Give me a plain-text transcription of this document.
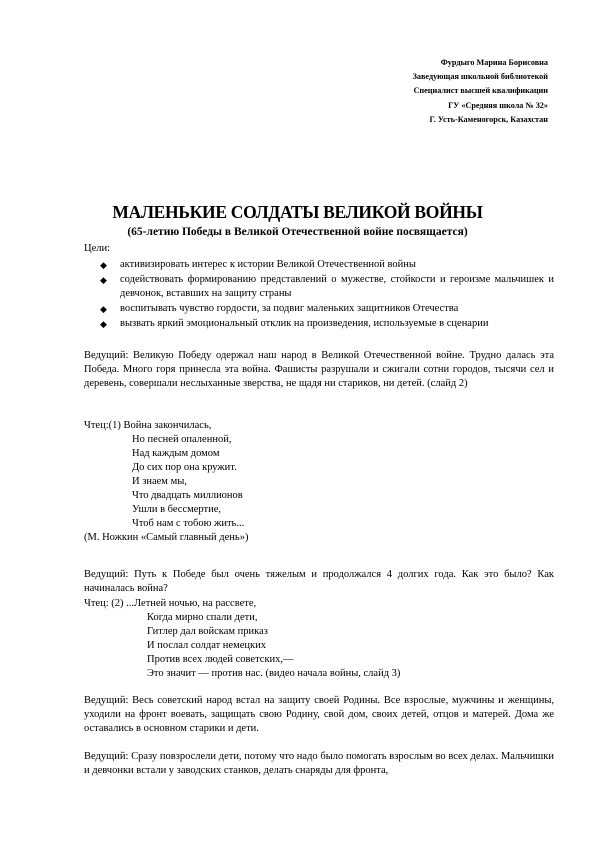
Фурдыго Марина Борисовна
Заведующая школьной библиотекой
Специалист высшей квалификации
ГУ «Средняя школа № 32»
Г. Усть-Каменогорск, Казахстан
МАЛЕНЬКИЕ СОЛДАТЫ ВЕЛИКОЙ ВОЙНЫ
(65-летию Победы в Великой Отечественной войне посвящается)
Цели:
◆ активизировать интерес к истории Великой Отечественной войны
◆ содействовать формированию представлений о мужестве, стойкости и героизме мальчишек и девчонок, вставших на защиту страны
◆ воспитывать чувство гордости, за подвиг маленьких защитников Отечества
◆ вызвать яркий эмоциональный отклик на произведения, используемые в сценарии
Ведущий: Великую Победу одержал наш народ в Великой Отечественной войне. Трудно далась эта Победа. Много горя принесла эта война. Фашисты разрушали и сжигали сотни городов, тысячи сел и деревень, совершали неслыханные зверства, не щадя ни стариков, ни детей. (слайд 2)
Чтец:(1) Война закончилась,
Но песней опаленной,
Над каждым домом
До сих пор она кружит.
И знаем мы,
Что двадцать миллионов
Ушли в бессмертие,
Чтоб нам с тобою жить...
(М. Ножкин «Самый главный день»)
Ведущий: Путь к Победе был очень тяжелым и продолжался 4 долгих года. Как это было? Как начиналась война?
Чтец: (2) ...Летней ночью, на рассвете,
Когда мирно спали дети,
Гитлер дал войскам приказ
И послал солдат немецких
Против всех людей советских,—
Это значит — против нас. (видео начала войны, слайд 3)
Ведущий: Весь советский народ встал на защиту своей Родины. Все взрослые, мужчины и женщины, уходили на фронт воевать, защищать свою Родину, свой дом, своих детей, отцов и матерей. Дома же оставались в основном старики и дети.
Ведущий: Сразу повзрослели дети, потому что надо было помогать взрослым во всех делах. Мальчишки и девчонки встали у заводских станков, делать снаряды для фронта,
